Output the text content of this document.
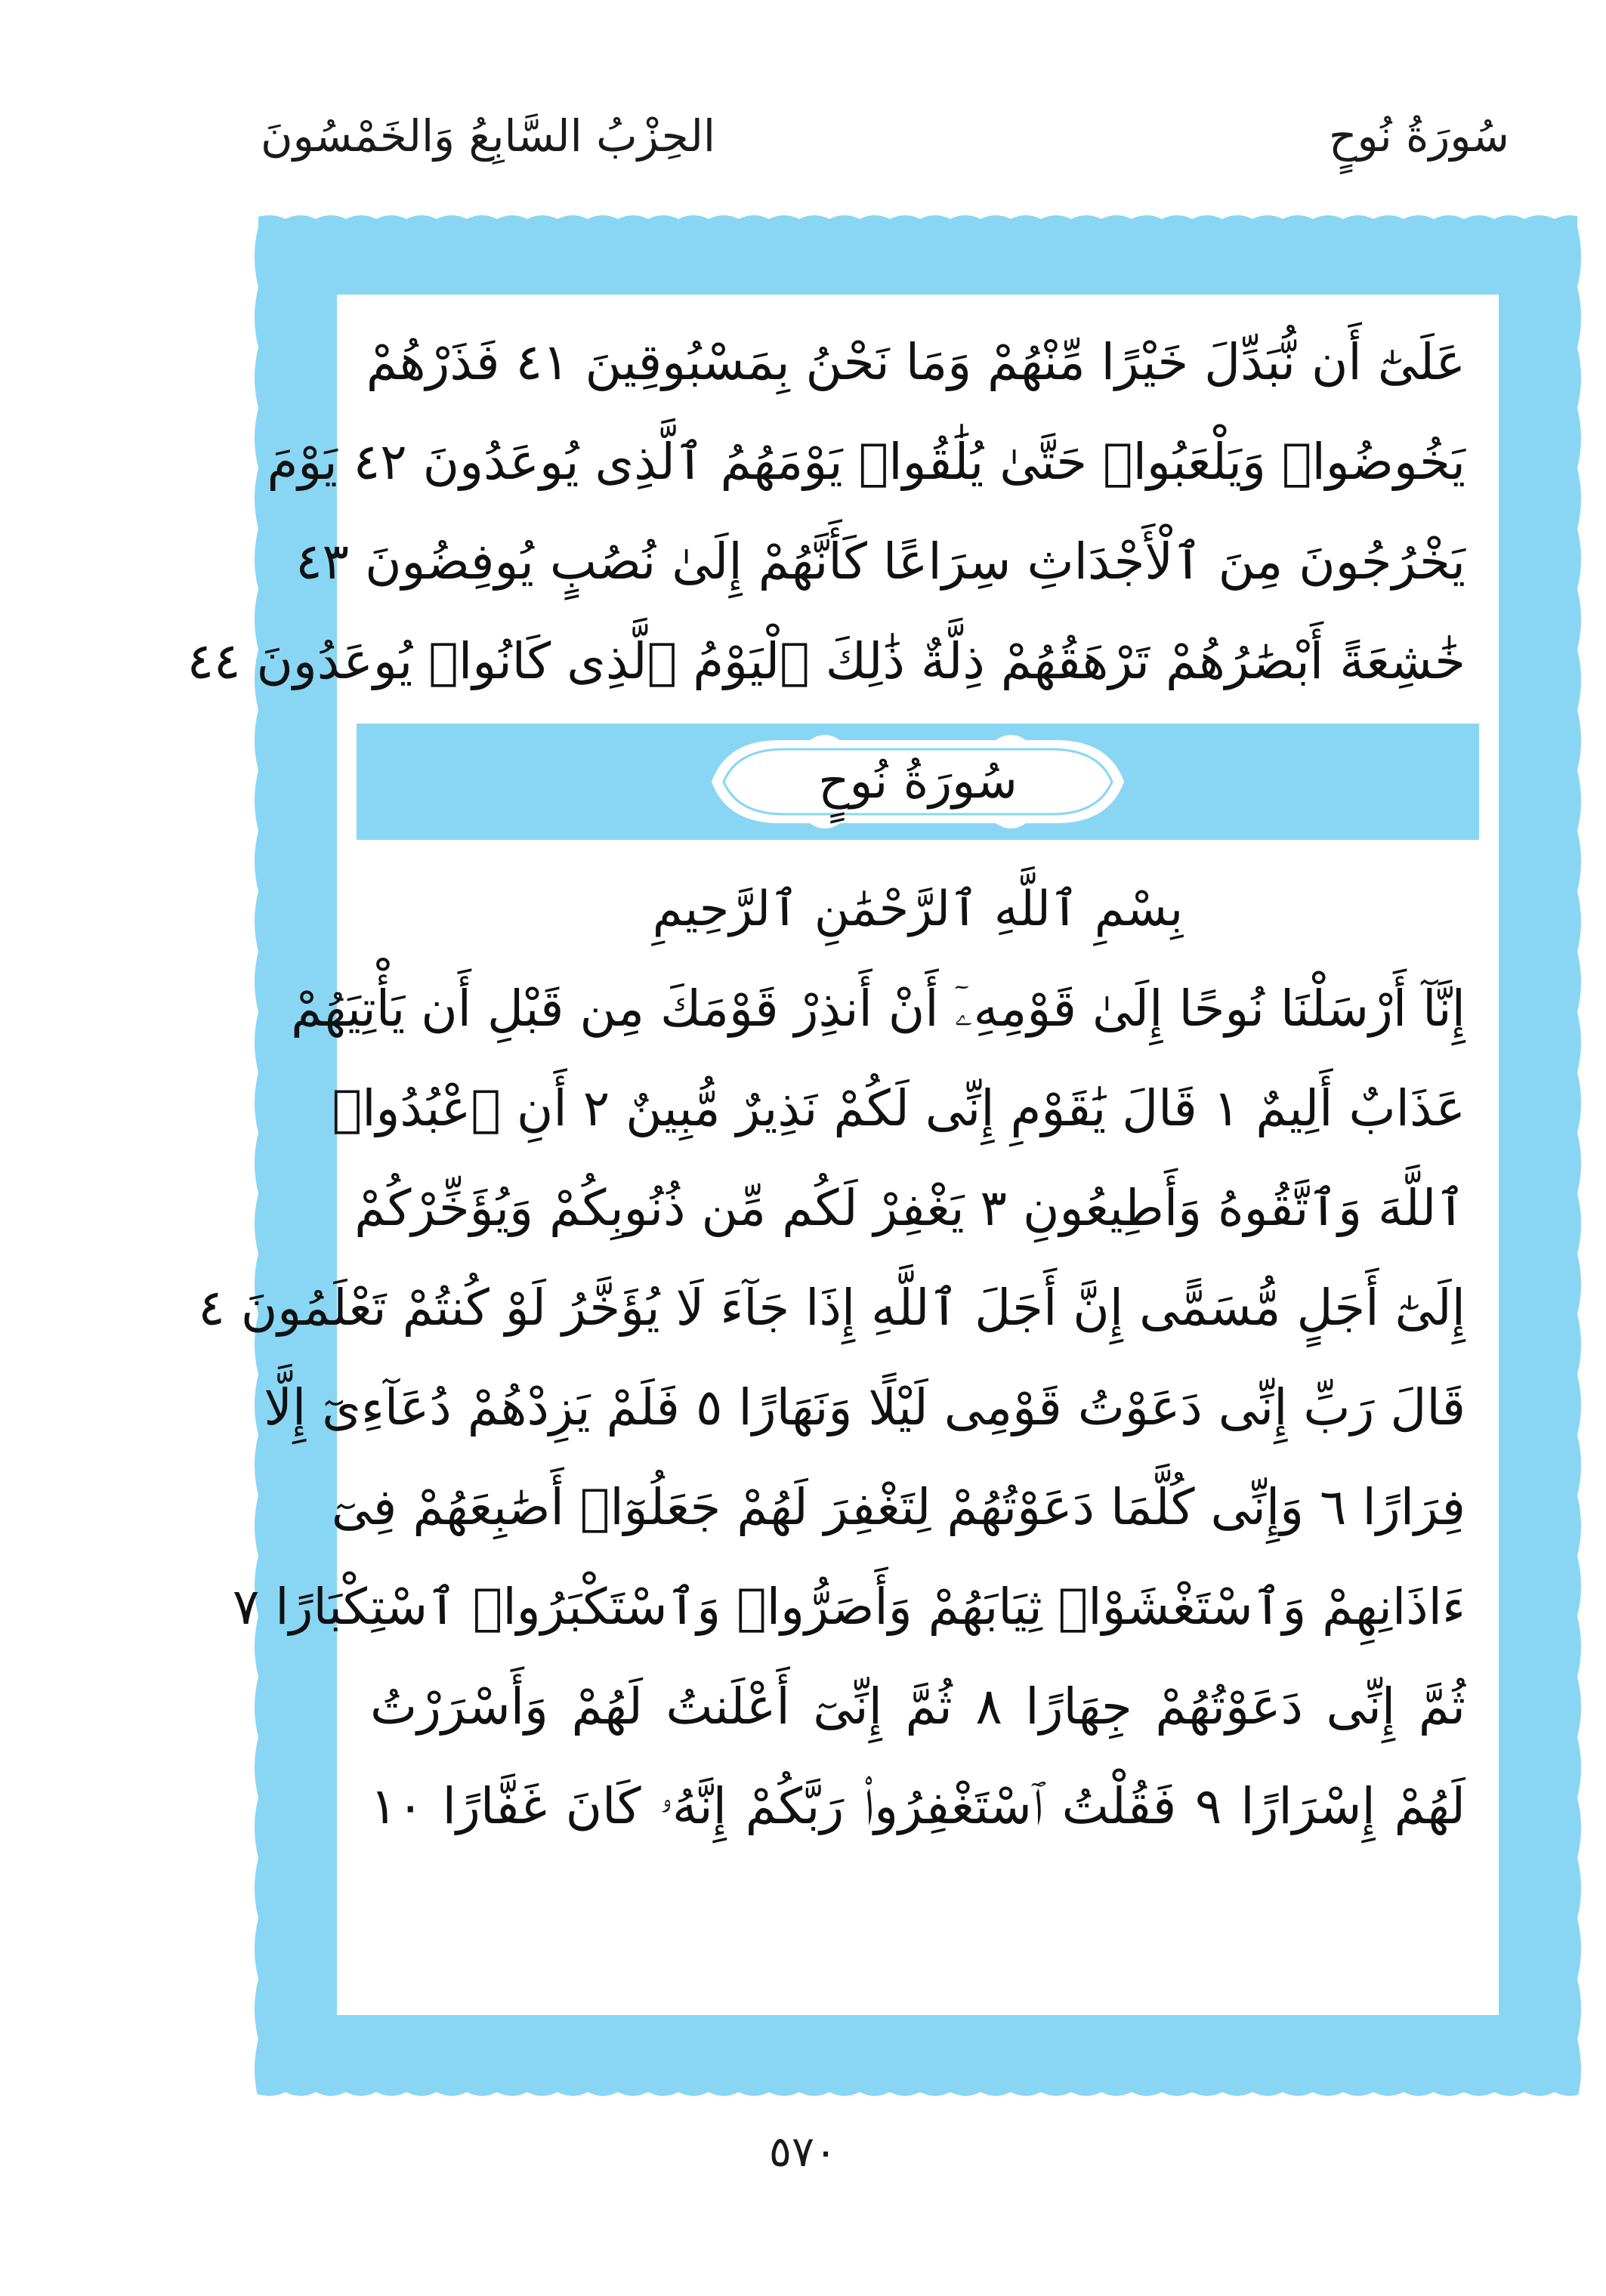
سُورَةُ نُوحٍ
الحِزْبُ السَّابِعُ وَالخَمْسُونَ
عَلَىٰٓ أَن نُّبَدِّلَ خَيْرًا مِّنْهُمْ وَمَا نَحْنُ بِمَسْبُوقِينَ ٤١ فَذَرْهُمْ
يَخُوضُوا۟ وَيَلْعَبُوا۟ حَتَّىٰ يُلَٰقُوا۟ يَوْمَهُمُ ٱلَّذِى يُوعَدُونَ ٤٢ يَوْمَ
يَخْرُجُونَ مِنَ ٱلْأَجْدَاثِ سِرَاعًا كَأَنَّهُمْ إِلَىٰ نُصُبٍ يُوفِضُونَ ٤٣
خَٰشِعَةً أَبْصَٰرُهُمْ تَرْهَقُهُمْ ذِلَّةٌ ذَٰلِكَ ٱلْيَوْمُ ٱلَّذِى كَانُوا۟ يُوعَدُونَ ٤٤
سُورَةُ نُوحٍ
بِسْمِ ٱللَّهِ ٱلرَّحْمَٰنِ ٱلرَّحِيمِ
إِنَّآ أَرْسَلْنَا نُوحًا إِلَىٰ قَوْمِهِۦٓ أَنْ أَنذِرْ قَوْمَكَ مِن قَبْلِ أَن يَأْتِيَهُمْ
عَذَابٌ أَلِيمٌ ١ قَالَ يَٰقَوْمِ إِنِّى لَكُمْ نَذِيرٌ مُّبِينٌ ٢ أَنِ ٱعْبُدُوا۟
ٱللَّهَ وَٱتَّقُوهُ وَأَطِيعُونِ ٣ يَغْفِرْ لَكُم مِّن ذُنُوبِكُمْ وَيُؤَخِّرْكُمْ
إِلَىٰٓ أَجَلٍ مُّسَمًّى إِنَّ أَجَلَ ٱللَّهِ إِذَا جَآءَ لَا يُؤَخَّرُ لَوْ كُنتُمْ تَعْلَمُونَ ٤
قَالَ رَبِّ إِنِّى دَعَوْتُ قَوْمِى لَيْلًا وَنَهَارًا ٥ فَلَمْ يَزِدْهُمْ دُعَآءِىٓ إِلَّا
فِرَارًا ٦ وَإِنِّى كُلَّمَا دَعَوْتُهُمْ لِتَغْفِرَ لَهُمْ جَعَلُوٓا۟ أَصَٰبِعَهُمْ فِىٓ
ءَاذَانِهِمْ وَٱسْتَغْشَوْا۟ ثِيَابَهُمْ وَأَصَرُّوا۟ وَٱسْتَكْبَرُوا۟ ٱسْتِكْبَارًا ٧
ثُمَّ إِنِّى دَعَوْتُهُمْ جِهَارًا ٨ ثُمَّ إِنِّىٓ أَعْلَنتُ لَهُمْ وَأَسْرَرْتُ
لَهُمْ إِسْرَارًا ٩ فَقُلْتُ ٱسْتَغْفِرُوا۟ رَبَّكُمْ إِنَّهُۥ كَانَ غَفَّارًا ١٠
٥٧٠
